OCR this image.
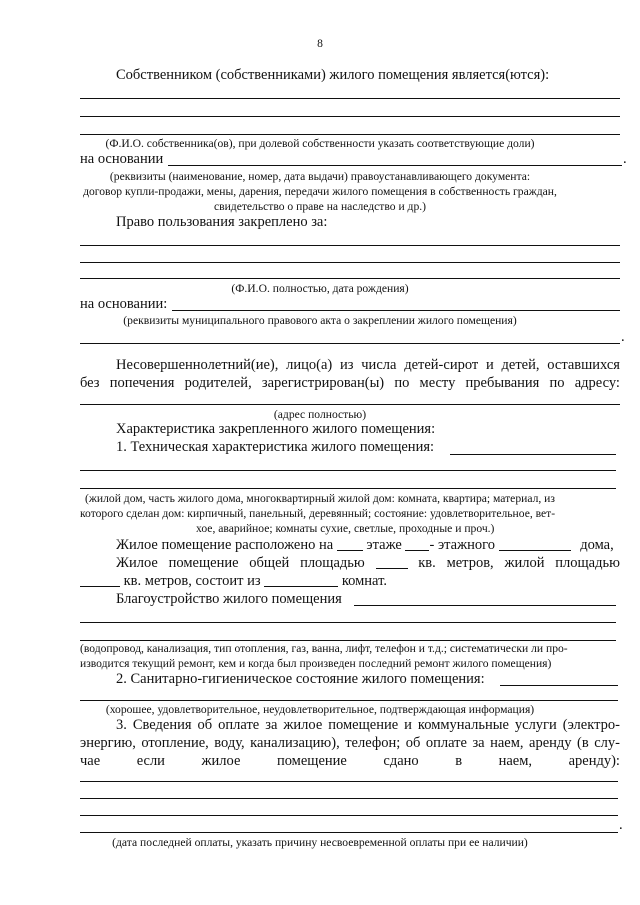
8
Собственником (собственниками) жилого помещения является(ются):
(Ф.И.О. собственника(ов), при долевой собственности указать соответствующие доли)
на основании	.
(реквизиты (наименование, номер, дата выдачи) правоустанавливающего документа:
договор купли-продажи, мены, дарения, передачи жилого помещения в собственность граждан,
свидетельство о праве на наследство и др.)
Право пользования закреплено за:
(Ф.И.О. полностью, дата рождения)
на основании:
(реквизиты муниципального правового акта о закреплении жилого помещения)
.
Несовершеннолетний(ие), лицо(а) из числа детей-сирот и детей, оставшихся
без попечения родителей, зарегистрирован(ы) по месту пребывания по адресу:
(адрес полностью)
Характеристика закрепленного жилого помещения:
1. Техническая характеристика жилого помещения:
(жилой дом, часть жилого дома, многоквартирный жилой дом: комната, квартира; материал, из
которого сделан дом: кирпичный, панельный, деревянный; состояние: удовлетворительное, вет-
хое, аварийное; комнаты сухие, светлые, проходные и проч.)
Жилое помещение расположено на этаже - этажного	дома,
Жилое помещение общей площадью	кв. метров, жилой площадью
кв. метров, состоит из	комнат.
Благоустройство жилого помещения
(водопровод, канализация, тип отопления, газ, ванна, лифт, телефон и т.д.; систематически ли про-
изводится текущий ремонт, кем и когда был произведен последний ремонт жилого помещения)
2. Санитарно-гигиеническое состояние жилого помещения:
(хорошее, удовлетворительное, неудовлетворительное, подтверждающая информация)
3. Сведения об оплате за жилое помещение и коммунальные услуги (электро-
энергию, отопление, воду, канализацию), телефон; об оплате за наем, аренду (в слу-
чае	если	жилое	помещение	сдано	в	наем,	аренду):
.
(дата последней оплаты, указать причину несвоевременной оплаты при ее наличии)
